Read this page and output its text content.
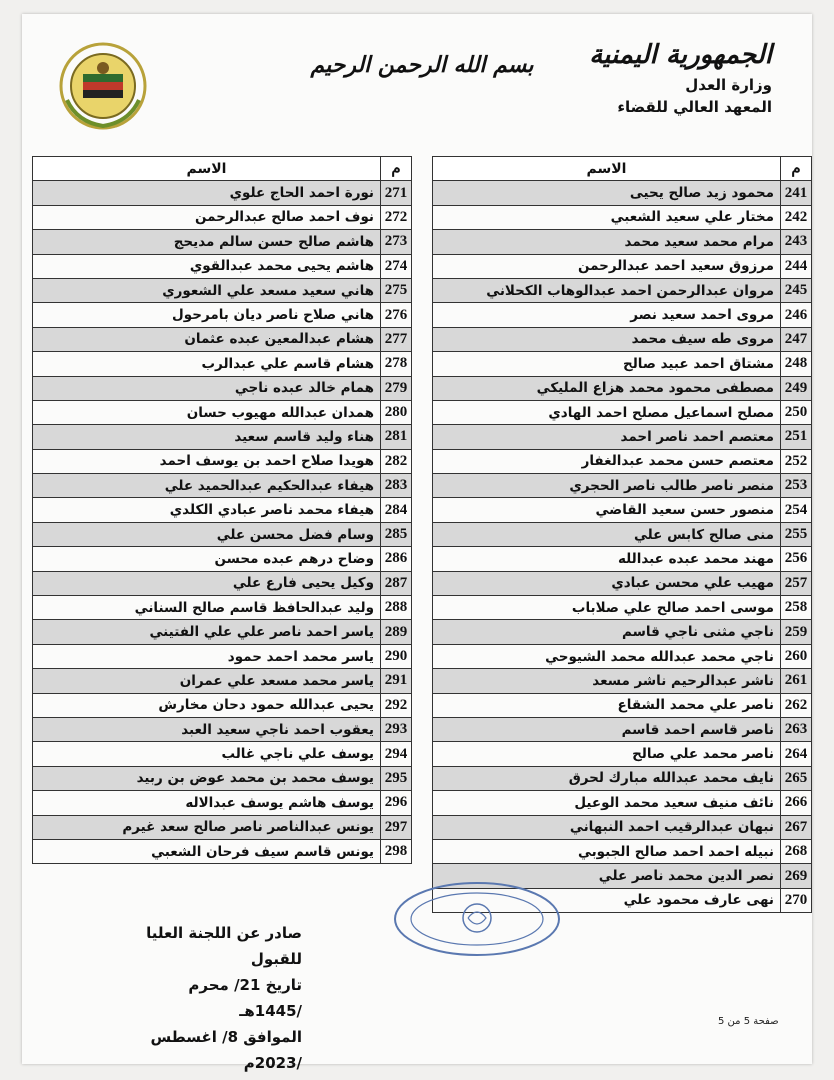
بسم الله الرحمن الرحيم	الجمهورية اليمنية
وزارة العدل
المعهد العالي للقضاء
م	الاسم
241	محمود زيد صالح يحيى
242	مختار علي سعيد الشعبي
243	مرام محمد سعيد محمد
244	مرزوق سعيد احمد عبدالرحمن
245	مروان عبدالرحمن احمد عبدالوهاب الكحلاني
246	مروى احمد سعيد نصر
247	مروى طه سيف محمد
248	مشتاق احمد عبيد صالح
249	مصطفى محمود محمد هزاع المليكي
250	مصلح اسماعيل مصلح احمد الهادي
251	معتصم احمد ناصر احمد
252	معتصم حسن محمد عبدالغفار
253	منصر ناصر طالب ناصر الحجري
254	منصور حسن سعيد القاضي
255	منى صالح كابس علي
256	مهند محمد عبده عبدالله
257	مهيب علي محسن عبادي
258	موسى احمد صالح علي صلاباب
259	ناجي مثنى ناجي قاسم
260	ناجي محمد عبدالله محمد الشيوحي
261	ناشر عبدالرحيم ناشر مسعد
262	ناصر علي محمد الشقاع
263	ناصر قاسم احمد قاسم
264	ناصر محمد علي صالح
265	نايف محمد عبدالله مبارك لحرق
266	نائف منيف سعيد محمد الوعيل
267	نبهان عبدالرقيب احمد النبهاني
268	نبيله احمد احمد صالح الجبوبي
269	نصر الدين محمد ناصر علي
270	نهى عارف محمود علي
م	الاسم
271	نورة احمد الحاج علوي
272	نوف احمد صالح عبدالرحمن
273	هاشم صالح حسن سالم مديحج
274	هاشم يحيى محمد عبدالقوي
275	هاني سعيد مسعد علي الشعوري
276	هاني صلاح ناصر ديان بامرحول
277	هشام عبدالمعين عبده عثمان
278	هشام قاسم علي عبدالرب
279	همام خالد عبده ناجي
280	همدان عبدالله مهيوب حسان
281	هناء وليد قاسم سعيد
282	هويدا صلاح احمد بن يوسف احمد
283	هيفاء عبدالحكيم عبدالحميد علي
284	هيفاء محمد ناصر عبادي الكلدي
285	وسام فضل محسن علي
286	وضاح درهم عبده محسن
287	وكيل يحيى فارع علي
288	وليد عبدالحافظ قاسم صالح السناني
289	ياسر احمد ناصر علي علي الفتيني
290	ياسر محمد احمد حمود
291	ياسر محمد مسعد علي عمران
292	يحيى عبدالله حمود دحان مخارش
293	يعقوب احمد ناجي سعيد العبد
294	يوسف علي ناجي غالب
295	يوسف محمد بن محمد عوض بن ربيد
296	يوسف هاشم يوسف عبدالاله
297	يونس عبدالناصر ناصر صالح سعد غيرم
298	يونس قاسم سيف فرحان الشعبي
صادر عن اللجنة العليا للقبول
تاريخ 21/ محرم /1445هـ
الموافق 8/ اغسطس /2023م
صفحة 5 من 5
